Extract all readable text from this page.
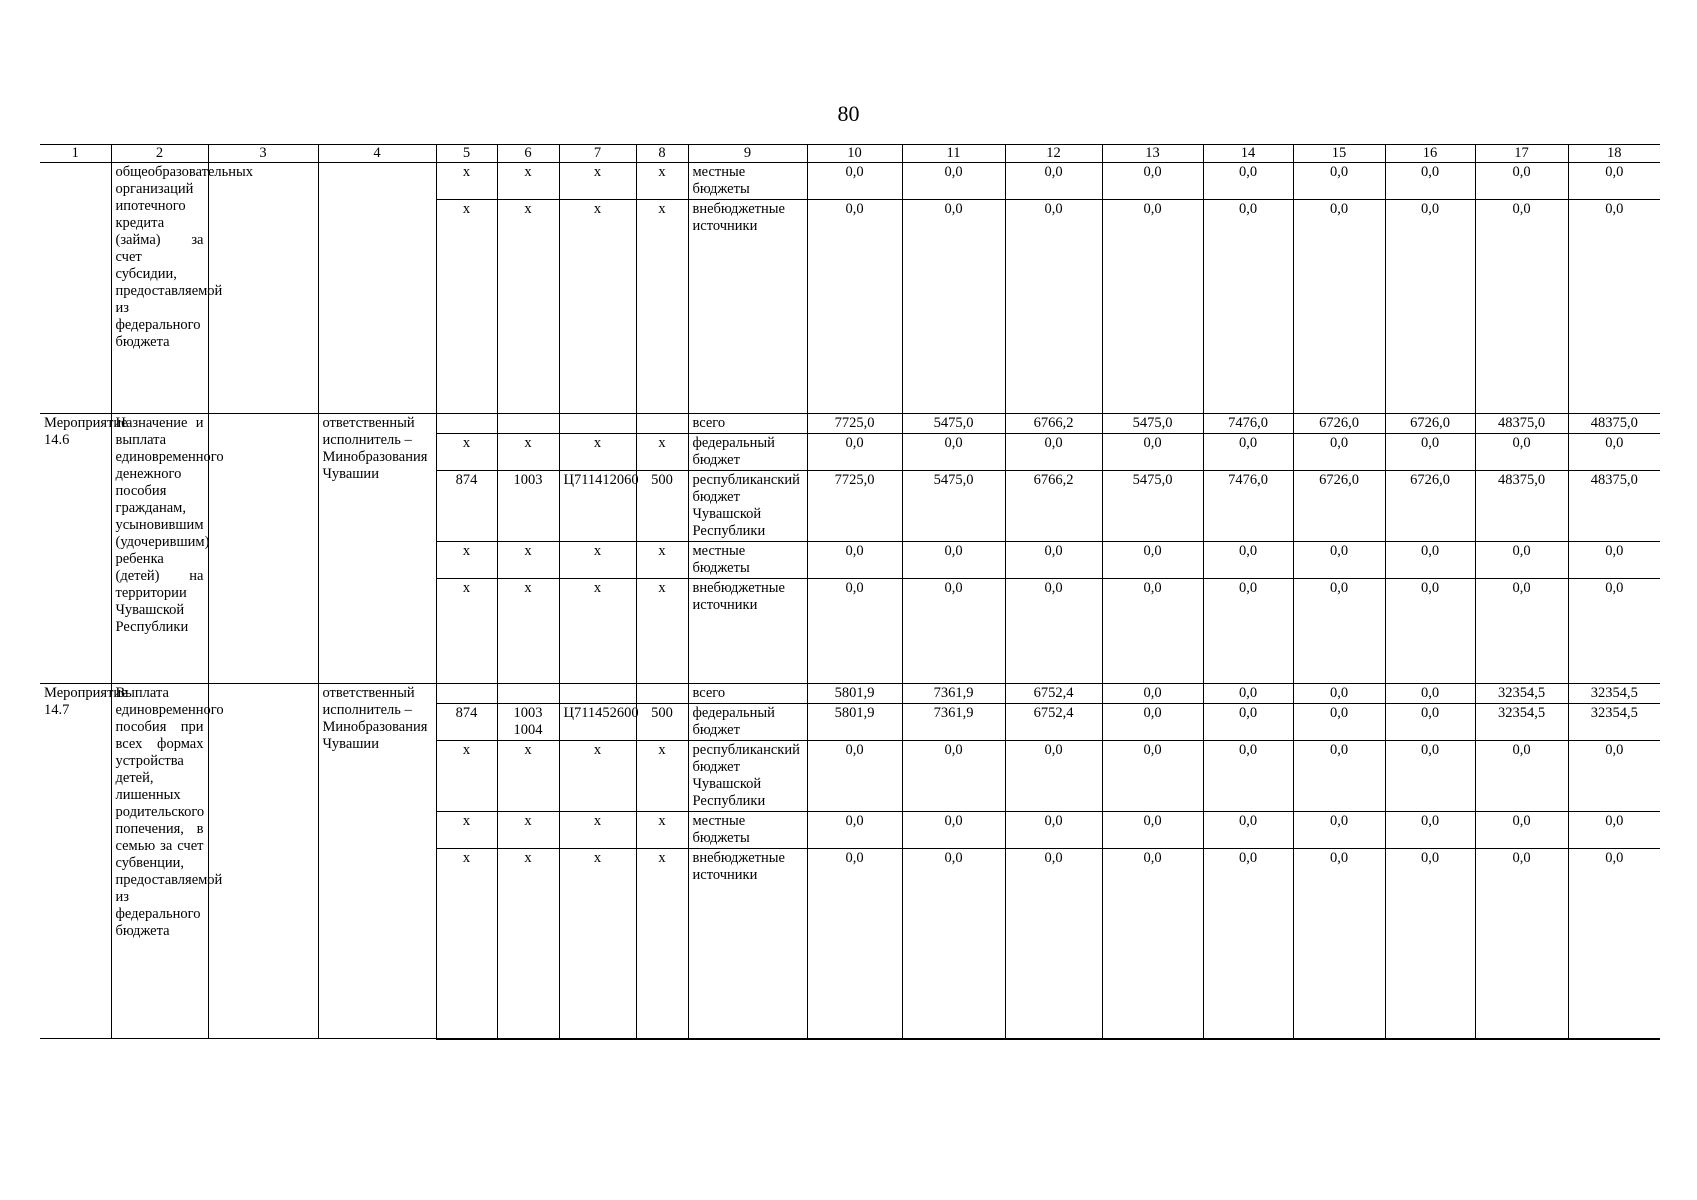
80
1	2	3	4	5	6	7	8	9	10	11	12	13	14	15	16	17	18
	общеобразовательных организаций ипотечного кредита (займа) за счет субсидии, предоставляемой из федерального бюджета			x	x	x	x	местные бюджеты	0,0	0,0	0,0	0,0	0,0	0,0	0,0	0,0	0,0
				x	x	x	x	внебюджетные источники	0,0	0,0	0,0	0,0	0,0	0,0	0,0	0,0	0,0
Мероприятие 14.6	Назначение и выплата единовременного денежного пособия гражданам, усыновившим (удочерившим) ребенка (детей) на территории Чувашской Республики		ответственный исполнитель – Минобразования Чувашии					всего	7725,0	5475,0	6766,2	5475,0	7476,0	6726,0	6726,0	48375,0	48375,0
				x	x	x	x	федеральный бюджет	0,0	0,0	0,0	0,0	0,0	0,0	0,0	0,0	0,0
				874	1003	Ц711412060	500	республиканский бюджет Чувашской Республики	7725,0	5475,0	6766,2	5475,0	7476,0	6726,0	6726,0	48375,0	48375,0
				x	x	x	x	местные бюджеты	0,0	0,0	0,0	0,0	0,0	0,0	0,0	0,0	0,0
				x	x	x	x	внебюджетные источники	0,0	0,0	0,0	0,0	0,0	0,0	0,0	0,0	0,0
Мероприятие 14.7	Выплата единовременного пособия при всех формах устройства детей, лишенных родительского попечения, в семью за счет субвенции, предоставляемой из федерального бюджета		ответственный исполнитель – Минобразования Чувашии					всего	5801,9	7361,9	6752,4	0,0	0,0	0,0	0,0	32354,5	32354,5
				874	1003 1004	Ц711452600	500	федеральный бюджет	5801,9	7361,9	6752,4	0,0	0,0	0,0	0,0	32354,5	32354,5
				x	x	x	x	республиканский бюджет Чувашской Республики	0,0	0,0	0,0	0,0	0,0	0,0	0,0	0,0	0,0
				x	x	x	x	местные бюджеты	0,0	0,0	0,0	0,0	0,0	0,0	0,0	0,0	0,0
				x	x	x	x	внебюджетные источники	0,0	0,0	0,0	0,0	0,0	0,0	0,0	0,0	0,0
